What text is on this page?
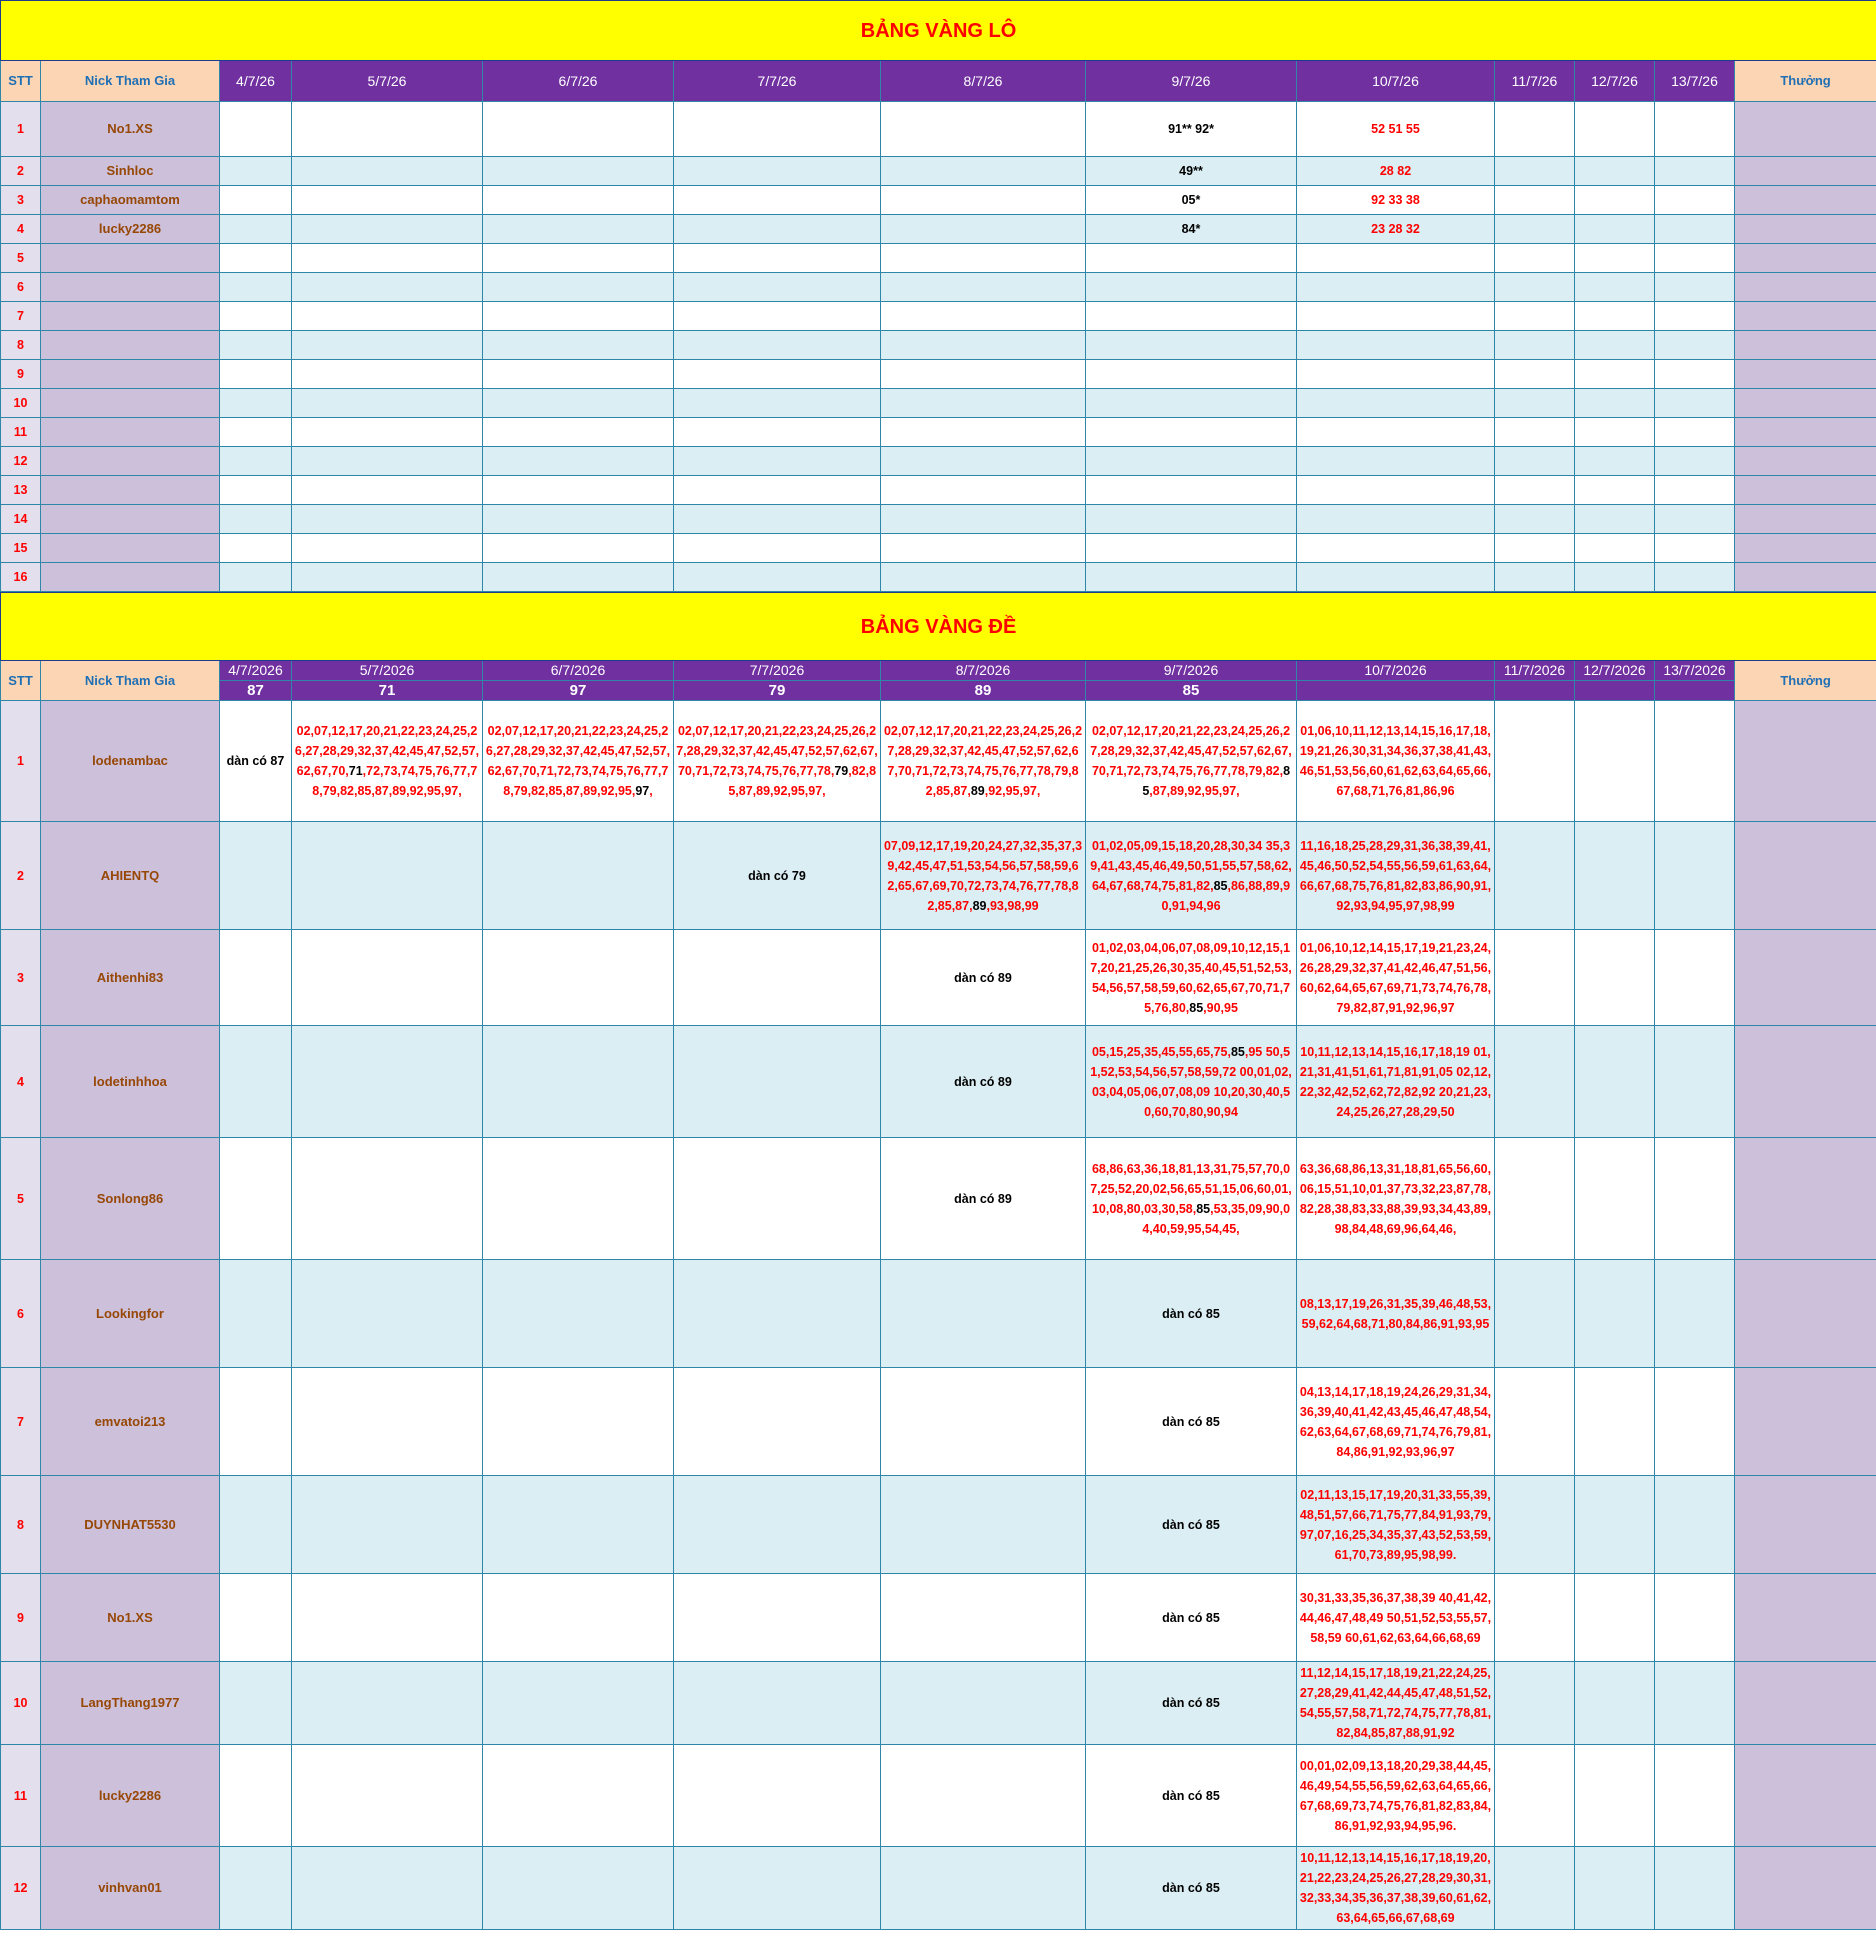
BẢNG VÀNG LÔ												
STT	Nick Tham Gia	4/7/26	5/7/26	6/7/26	7/7/26	8/7/26	9/7/26	10/7/26	11/7/26	12/7/26	13/7/26	Thưởng
1	No1.XS						91** 92*	52 51 55				
2	Sinhloc						49**	28 82				
3	caphaomamtom						05*	92 33 38				
4	lucky2286						84*	23 28 32				
5												
6												
7												
8												
9												
10												
11												
12												
13												
14												
15												
16												
BẢNG VÀNG ĐỀ												
STT	Nick Tham Gia	4/7/2026	5/7/2026	6/7/2026	7/7/2026	8/7/2026	9/7/2026	10/7/2026	11/7/2026	12/7/2026	13/7/2026	Thưởng
		87	71	97	79	89	85					
1	lodenambac	dàn có 87	02,07,12,17,20,21,22,23,24,25,26,27,28,29,32,37,42,45,47,52,57,62,67,70,71,72,73,74,75,76,77,78,79,82,85,87,89,92,95,97,	02,07,12,17,20,21,22,23,24,25,26,27,28,29,32,37,42,45,47,52,57,62,67,70,71,72,73,74,75,76,77,78,79,82,85,87,89,92,95,97,	02,07,12,17,20,21,22,23,24,25,26,27,28,29,32,37,42,45,47,52,57,62,67,70,71,72,73,74,75,76,77,78,79,82,85,87,89,92,95,97,	02,07,12,17,20,21,22,23,24,25,26,27,28,29,32,37,42,45,47,52,57,62,67,70,71,72,73,74,75,76,77,78,79,82,85,87,89,92,95,97,	02,07,12,17,20,21,22,23,24,25,26,27,28,29,32,37,42,45,47,52,57,62,67,70,71,72,73,74,75,76,77,78,79,82,85,87,89,92,95,97,	01,06,10,11,12,13,14,15,16,17,18,19,21,26,30,31,34,36,37,38,41,43,46,51,53,56,60,61,62,63,64,65,66,67,68,71,76,81,86,96				

2	AHIENTQ				dàn có 79	07,09,12,17,19,20,24,27,32,35,37,39,42,45,47,51,53,54,56,57,58,59,62,65,67,69,70,72,73,74,76,77,78,82,85,87,89,93,98,99	01,02,05,09,15,18,20,28,30,34 35,39,41,43,45,46,49,50,51,55,57,58,62,64,67,68,74,75,81,82,85,86,88,89,90,91,94,96	11,16,18,25,28,29,31,36,38,39,41,45,46,50,52,54,55,56,59,61,63,64,66,67,68,75,76,81,82,83,86,90,91,92,93,94,95,97,98,99				

3	Aithenhi83					dàn có 89	01,02,03,04,06,07,08,09,10,12,15,17,20,21,25,26,30,35,40,45,51,52,53,54,56,57,58,59,60,62,65,67,70,71,75,76,80,85,90,95	01,06,10,12,14,15,17,19,21,23,24,26,28,29,32,37,41,42,46,47,51,56,60,62,64,65,67,69,71,73,74,76,78,79,82,87,91,92,96,97				

4	lodetinhhoa					dàn có 89	05,15,25,35,45,55,65,75,85,95 50,51,52,53,54,56,57,58,59,72 00,01,02,03,04,05,06,07,08,09 10,20,30,40,50,60,70,80,90,94	10,11,12,13,14,15,16,17,18,19 01,21,31,41,51,61,71,81,91,05 02,12,22,32,42,52,62,72,82,92 20,21,23,24,25,26,27,28,29,50				

5	Sonlong86					dàn có 89	68,86,63,36,18,81,13,31,75,57,70,07,25,52,20,02,56,65,51,15,06,60,01,10,08,80,03,30,58,85,53,35,09,90,04,40,59,95,54,45,	63,36,68,86,13,31,18,81,65,56,60,06,15,51,10,01,37,73,32,23,87,78,82,28,38,83,33,88,39,93,34,43,89,98,84,48,69,96,64,46,				

6	Lookingfor						dàn có 85	08,13,17,19,26,31,35,39,46,48,53, 59,62,64,68,71,80,84,86,91,93,95				

7	emvatoi213						dàn có 85	04,13,14,17,18,19,24,26,29,31,34,36,39,40,41,42,43,45,46,47,48,54,62,63,64,67,68,69,71,74,76,79,81,84,86,91,92,93,96,97				

8	DUYNHAT5530						dàn có 85	02,11,13,15,17,19,20,31,33,55,39,48,51,57,66,71,75,77,84,91,93,79,97,07,16,25,34,35,37,43,52,53,59,61,70,73,89,95,98,99.				

9	No1.XS						dàn có 85	30,31,33,35,36,37,38,39 40,41,42,44,46,47,48,49 50,51,52,53,55,57,58,59 60,61,62,63,64,66,68,69				

10	LangThang1977						dàn có 85	11,12,14,15,17,18,19,21,22,24,25,27,28,29,41,42,44,45,47,48,51,52,54,55,57,58,71,72,74,75,77,78,81,82,84,85,87,88,91,92				

11	lucky2286						dàn có 85	00,01,02,09,13,18,20,29,38,44,45,46,49,54,55,56,59,62,63,64,65,66,67,68,69,73,74,75,76,81,82,83,84,86,91,92,93,94,95,96.				

12	vinhvan01						dàn có 85	10,11,12,13,14,15,16,17,18,19,20,21,22,23,24,25,26,27,28,29,30,31,32,33,34,35,36,37,38,39,60,61,62,63,64,65,66,67,68,69				
